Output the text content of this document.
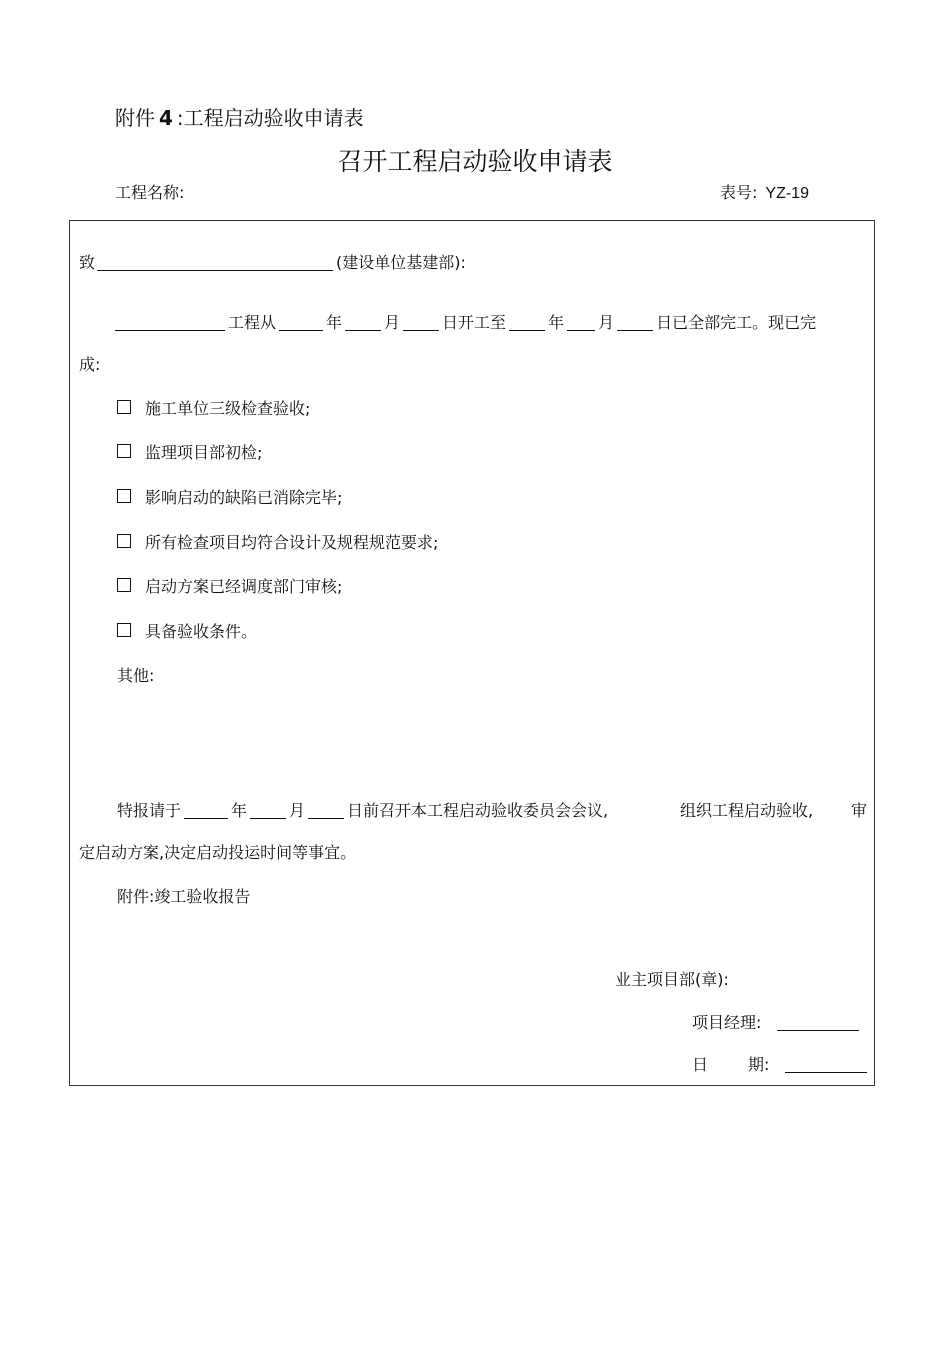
附件 4 :工程启动验收申请表
召开工程启动验收申请表
工程名称:	表号: YZ-19
致	(建设单位基建部):
工程从	年	月	日开工至	年 月	日已全部完工。现已完
成:
施工单位三级检查验收;
监理项目部初检;
影响启动的缺陷已消除完毕;
所有检查项目均符合设计及规程规范要求;
启动方案已经调度部门审核;
具备验收条件。
其他:
特报请于	年	月	日前召开本工程启动验收委员会会议,	组织工程启动验收, 审
定启动方案,决定启动投运时间等事宜。
附件:竣工验收报告
业主项目部(章):
项目经理:
日	期:
